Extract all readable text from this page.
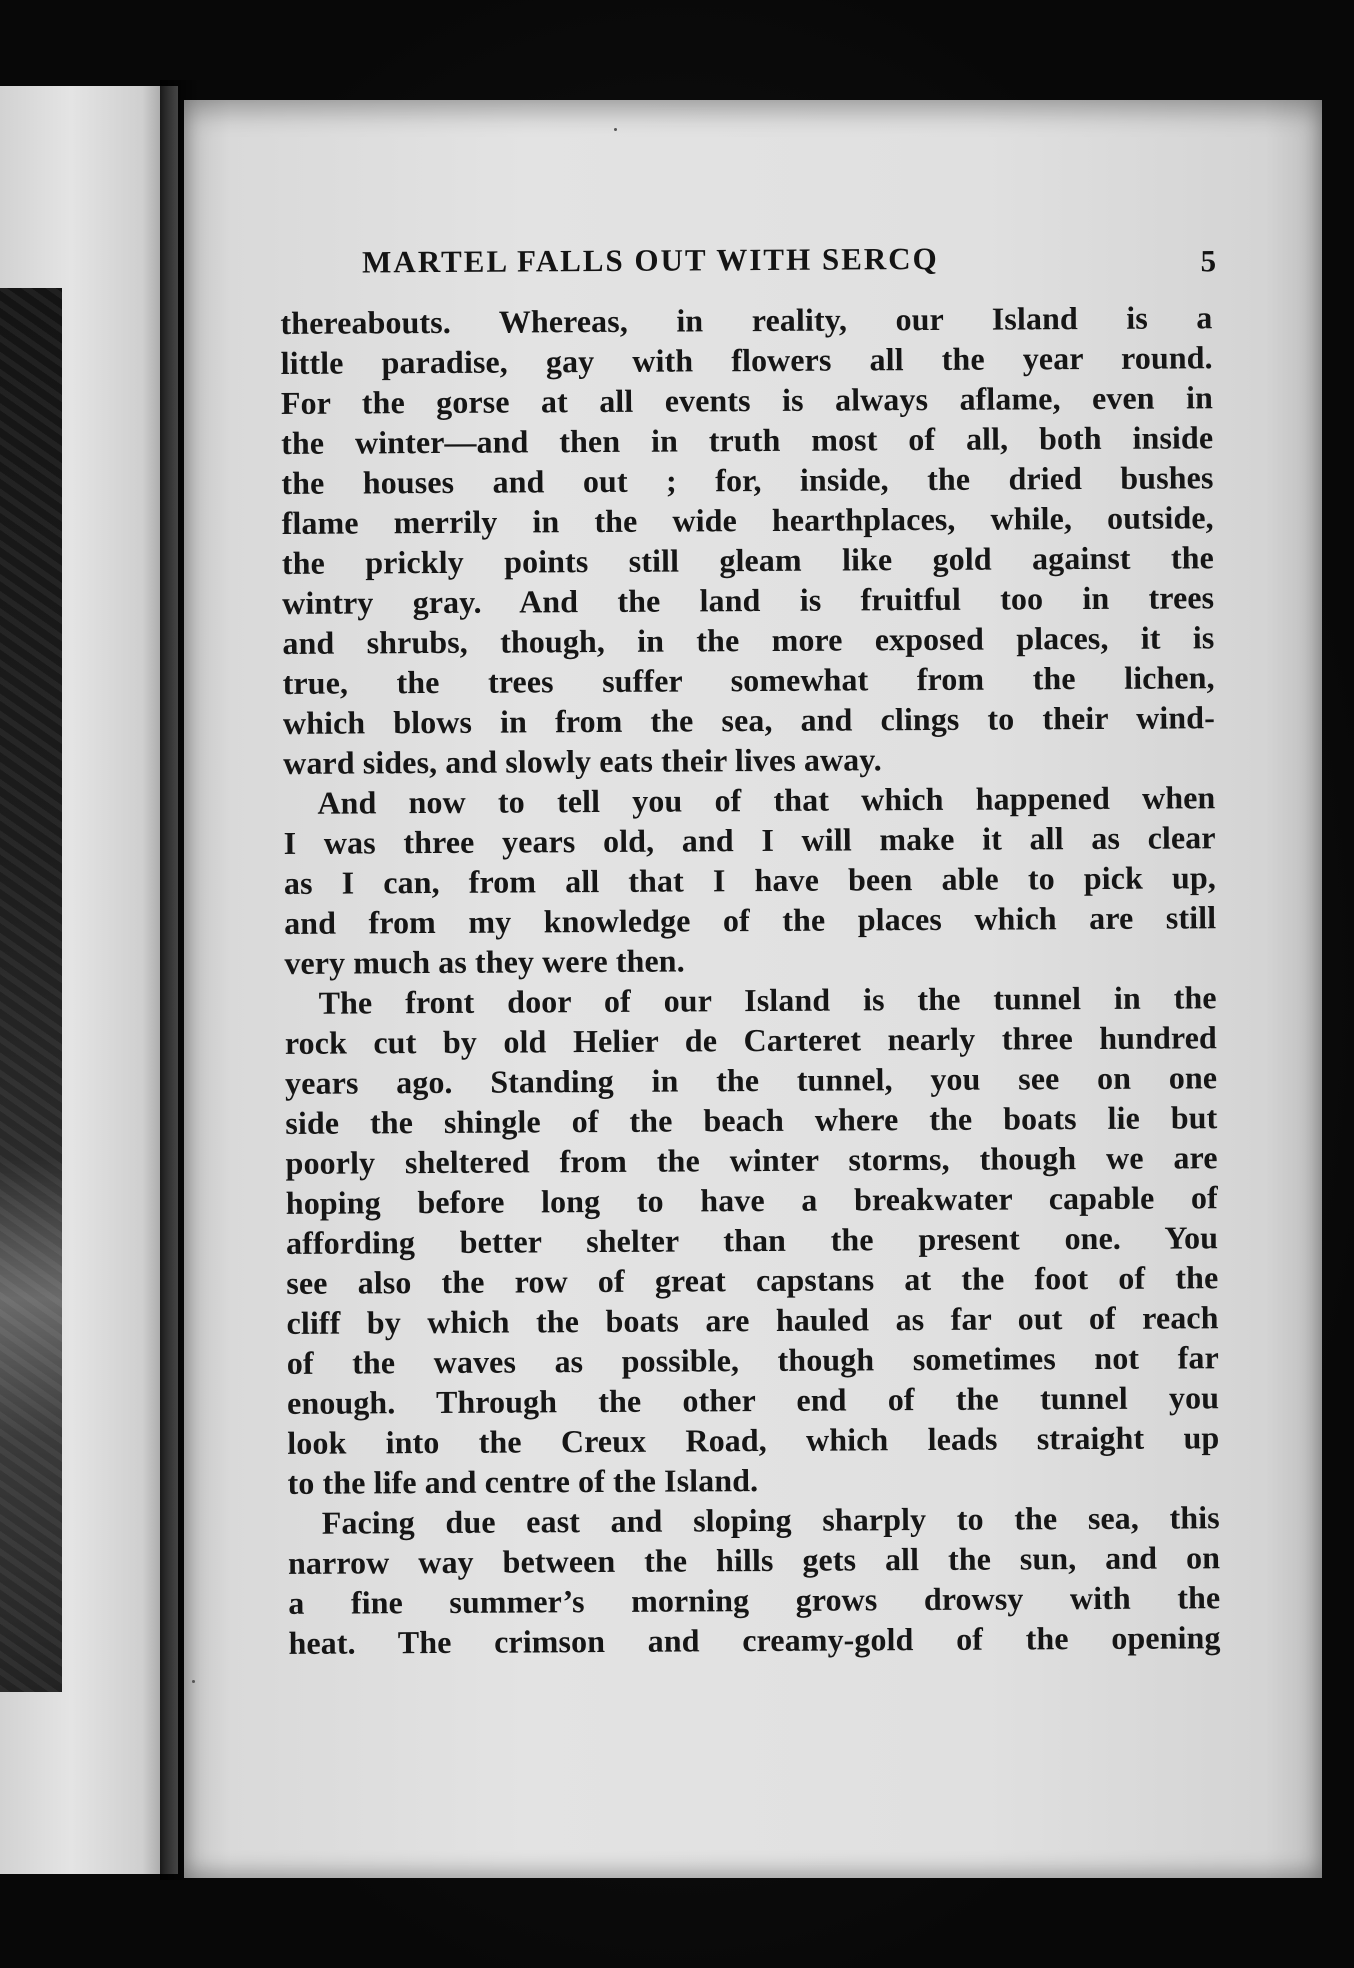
MARTEL FALLS OUT WITH SERCQ	5
thereabouts. Whereas, in reality, our Island is a
little paradise, gay with flowers all the year round.
For the gorse at all events is always aflame, even in
the winter—and then in truth most of all, both inside
the houses and out ; for, inside, the dried bushes
flame merrily in the wide hearthplaces, while, outside,
the prickly points still gleam like gold against the
wintry gray. And the land is fruitful too in trees
and shrubs, though, in the more exposed places, it is
true, the trees suffer somewhat from the lichen,
which blows in from the sea, and clings to their wind-
ward sides, and slowly eats their lives away.
And now to tell you of that which happened when
I was three years old, and I will make it all as clear
as I can, from all that I have been able to pick up,
and from my knowledge of the places which are still
very much as they were then.
The front door of our Island is the tunnel in the
rock cut by old Helier de Carteret nearly three hundred
years ago. Standing in the tunnel, you see on one
side the shingle of the beach where the boats lie but
poorly sheltered from the winter storms, though we are
hoping before long to have a breakwater capable of
affording better shelter than the present one. You
see also the row of great capstans at the foot of the
cliff by which the boats are hauled as far out of reach
of the waves as possible, though sometimes not far
enough. Through the other end of the tunnel you
look into the Creux Road, which leads straight up
to the life and centre of the Island.
Facing due east and sloping sharply to the sea, this
narrow way between the hills gets all the sun, and on
a fine summer’s morning grows drowsy with the
heat. The crimson and creamy-gold of the opening
